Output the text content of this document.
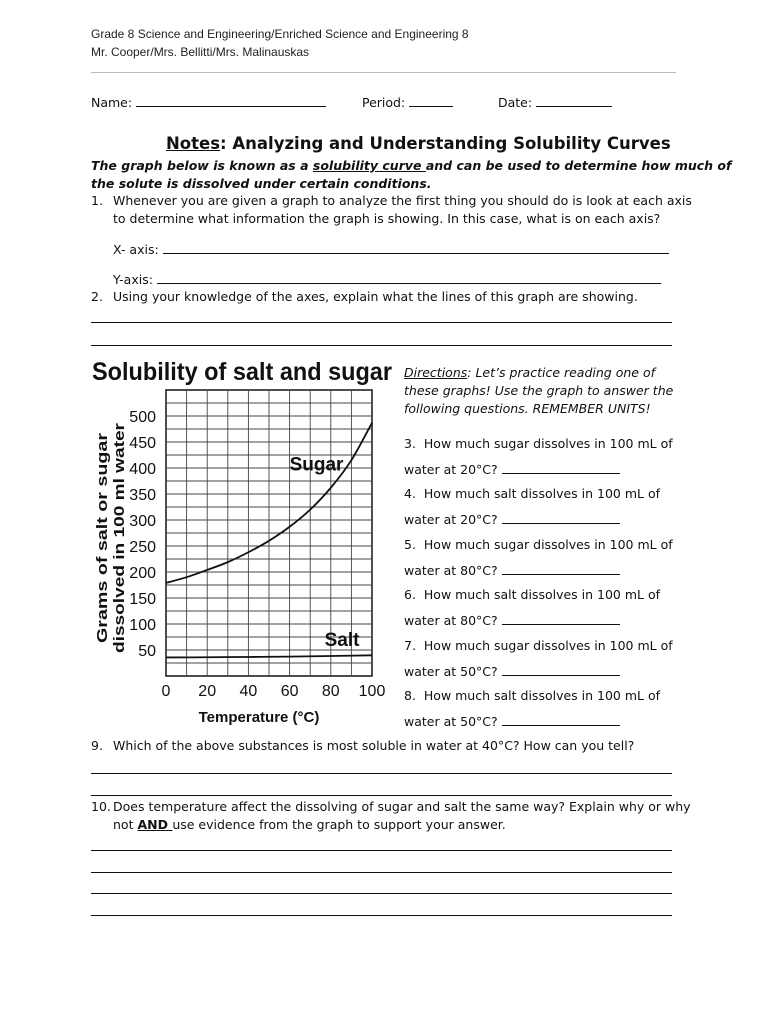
Grade 8 Science and Engineering/Enriched Science and Engineering 8
Mr. Cooper/Mrs. Bellitti/Mrs. Malinauskas
Name:	Period:	Date:
Notes: Analyzing and Understanding Solubility Curves
The graph below is known as a solubility curve and can be used to determine how much of
the solute is dissolved under certain conditions.
1. Whenever you are given a graph to analyze the first thing you should do is look at each axis
to determine what information the graph is showing. In this case, what is on each axis?
X- axis:
Y-axis:
2. Using your knowledge of the axes, explain what the lines of this graph are showing.
Solubility of salt and sugar
50
100
150
200
250
300
350
400
450
500
0 20 40 60 80 100
Grams of salt or sugar dissolved in 100 ml water
Temperature (°C)
Sugar
Salt
Directions: Let’s practice reading one of
these graphs! Use the graph to answer the
following questions. REMEMBER UNITS!
3. How much sugar dissolves in 100 mL of
water at 20°C?
4. How much salt dissolves in 100 mL of
water at 20°C?
5. How much sugar dissolves in 100 mL of
water at 80°C?
6. How much salt dissolves in 100 mL of
water at 80°C?
7. How much sugar dissolves in 100 mL of
water at 50°C?
8. How much salt dissolves in 100 mL of
water at 50°C?
9. Which of the above substances is most soluble in water at 40°C? How can you tell?
10. Does temperature affect the dissolving of sugar and salt the same way? Explain why or why
not AND use evidence from the graph to support your answer.
